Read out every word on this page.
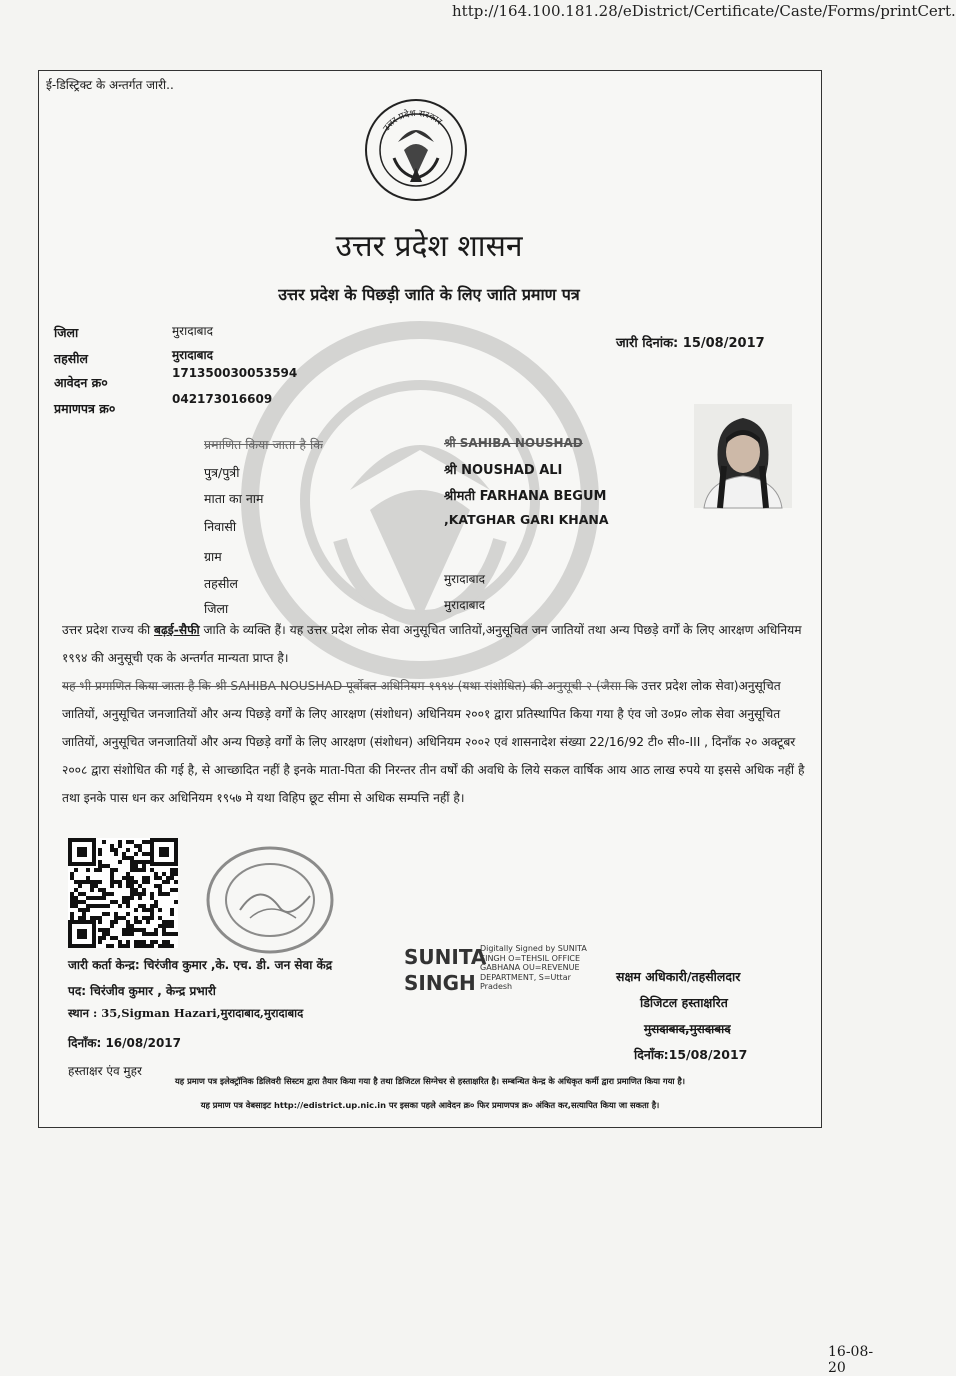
http://164.100.181.28/eDistrict/Certificate/Caste/Forms/printCert.
ई-डिस्ट्रिक्ट के अन्तर्गत जारी..
उत्तर प्रदेश सरकार
उत्तर प्रदेश शासन
उत्तर प्रदेश के पिछड़ी जाति के लिए जाति प्रमाण पत्र
जिला	मुरादाबाद
तहसील	मुरादाबाद
आवेदन क्र०
171350030053594
प्रमाणपत्र क्र०
042173016609
जारी दिनांक: 15/08/2017
प्रमाणित किया जाता है कि	श्री SAHIBA NOUSHAD
पुत्र/पुत्री	श्री NOUSHAD ALI
माता का नाम	श्रीमती FARHANA BEGUM
निवासी	,KATGHAR GARI KHANA
ग्राम
तहसील	मुरादाबाद
जिला	मुरादाबाद

उत्तर प्रदेश राज्य की बढ़ई-सैफी जाति के व्यक्ति हैं। यह उत्तर प्रदेश लोक सेवा अनुसूचित जातियों,अनुसूचित जन जातियों तथा अन्य पिछड़े वर्गों के लिए आरक्षण अधिनियम १९९४ की अनुसूची एक के अन्तर्गत मान्यता प्राप्त है।

यह भी प्रमाणित किया जाता है कि श्री SAHIBA NOUSHAD पूर्वोक्त अधिनियम १९९४ (यथा संशोधित) की अनुसूची २ (जैसा कि उत्तर प्रदेश लोक सेवा)अनुसूचित जातियों, अनुसूचित जनजातियों और अन्य पिछड़े वर्गों के लिए आरक्षण (संशोधन) अधिनियम २००१ द्वारा प्रतिस्थापित किया गया है एंव जो उ०प्र० लोक सेवा अनुसूचित जातियों, अनुसूचित जनजातियों और अन्य पिछड़े वर्गों के लिए आरक्षण (संशोधन) अधिनियम २००२ एवं शासनादेश संख्या 22/16/92 टी० सी०-III , दिनाँक २० अक्टूबर २००८ द्वारा संशोधित की गई है, से आच्छादित नहीं है इनके माता-पिता की निरन्तर तीन वर्षों की अवधि के लिये सकल वार्षिक आय आठ लाख रुपये या इससे अधिक नहीं है तथा इनके पास धन कर अधिनियम १९५७ मे यथा विहिप छूट सीमा से अधिक सम्पत्ति नहीं है।

SUNITA
SINGH
Digitally Signed by SUNITA SINGH O=TEHSIL OFFICE GABHANA OU=REVENUE DEPARTMENT, S=Uttar Pradesh
जारी कर्ता केन्द्र: चिरंजीव कुमार ,के. एच. डी. जन सेवा केंद्र
पद: चिरंजीव कुमार , केन्द्र प्रभारी
स्थान : 35,Sigman Hazari,मुरादाबाद,मुरादाबाद
दिनाँक: 16/08/2017
हस्ताक्षर एंव मुहर
सक्षम अधिकारी/तहसीलदार
डिजिटल हस्ताक्षरित
मुरादाबाद,मुरादाबाद
दिनाँक:15/08/2017
यह प्रमाण पत्र इलेक्ट्रॉनिक डिलिवरी सिस्टम द्वारा तैयार किया गया है तथा डिजिटल सिग्नेचर से हस्ताक्षरित है। सम्बन्धित केन्द्र के अधिकृत कर्मी द्वारा प्रमाणित किया गया है।
यह प्रमाण पत्र वेबसाइट http://edistrict.up.nic.in पर इसका पहले आवेदन क्र० फिर प्रमाणपत्र क्र० अंकित कर,सत्यापित किया जा सकता है।
16-08-20
